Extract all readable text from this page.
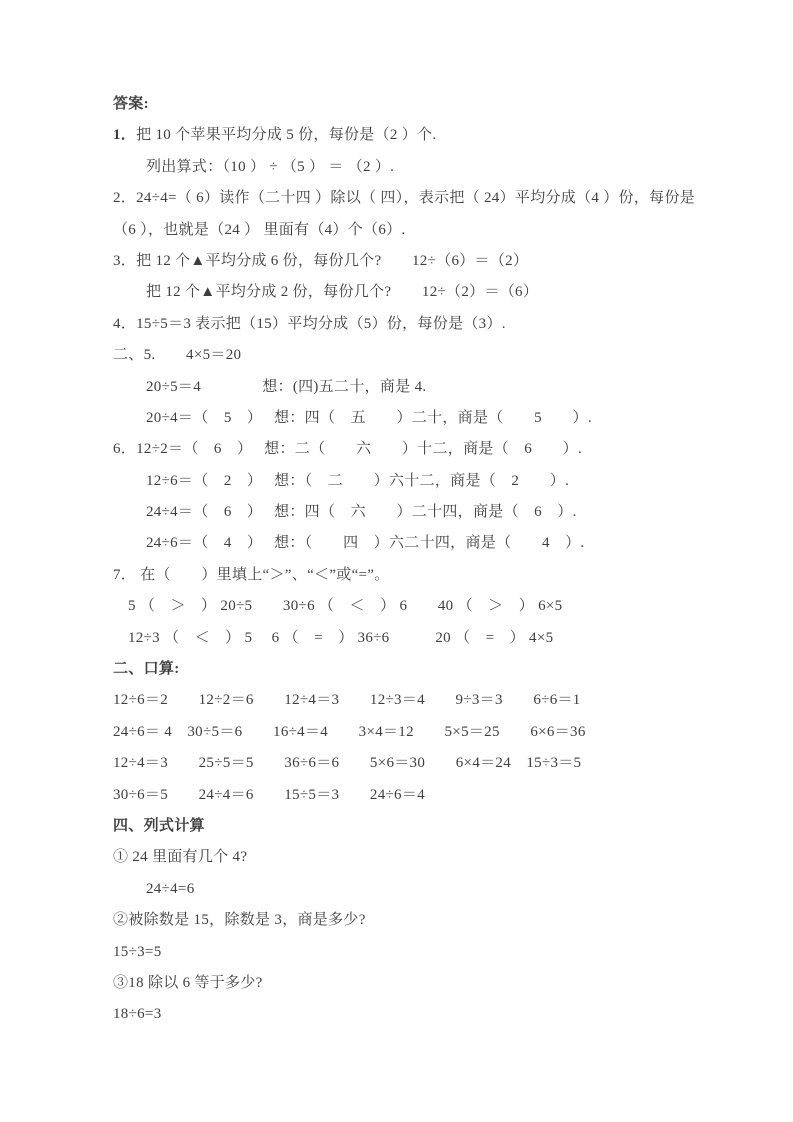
答案:
1．把 10 个苹果平均分成 5 份，每份是（2 ）个.
列出算式：（10 ） ÷ （5 ） ＝ （2 ）.
2．24÷4=（ 6）读作（二十四 ）除以（ 四），表示把（ 24）平均分成（4 ）份，每份是
（6 ），也就是（24 ） 里面有（4）个（6）.
3．把 12 个▲平均分成 6 份，每份几个?　　12÷（6）＝（2）
把 12 个▲平均分成 2 份，每份几个?　　12÷（2）＝（6）
4．15÷5＝3 表示把（15）平均分成（5）份，每份是（3）.
二、5.　　4×5＝20
20÷5＝4　　　　想：(四)五二十，商是 4.
20÷4＝（　5　）　 想：四（　五　　）二十，商是（　　5　　）.
6．12÷2＝（　6　）　 想：二（　　六　　）十二，商是（　6　　）.
12÷6＝（　2　）　 想：（　二　　）六十二，商是（　2　　）.
24÷4＝（　6　）　 想：四（　六　　）二十四，商是（　6　）.
24÷6＝（　4　）　 想：（　　四　）六二十四，商是（　　4　）.
7． 在（　　）里填上“＞”、“＜”或“=”。
5 （　＞　） 20÷5　　30÷6 （　＜　） 6　　40 （　＞　） 6×5
12÷3 （　＜　） 5　 6 （　=　） 36÷6　　　20 （　=　） 4×5
二、口算:
12÷6＝2　　12÷2＝6　　12÷4＝3　　12÷3＝4　　9÷3＝3　　6÷6＝1
24÷6＝ 4　30÷5＝6　　16÷4＝4　　3×4＝12　　5×5＝25　　6×6＝36
12÷4＝3　　25÷5＝5　　36÷6＝6　　5×6＝30　　6×4＝24　15÷3＝5
30÷6＝5　　24÷4＝6　　15÷5＝3　　24÷6＝4
四、列式计算
① 24 里面有几个 4?
24÷4=6
②被除数是 15，除数是 3，商是多少?
15÷3=5
③18 除以 6 等于多少?
18÷6=3
